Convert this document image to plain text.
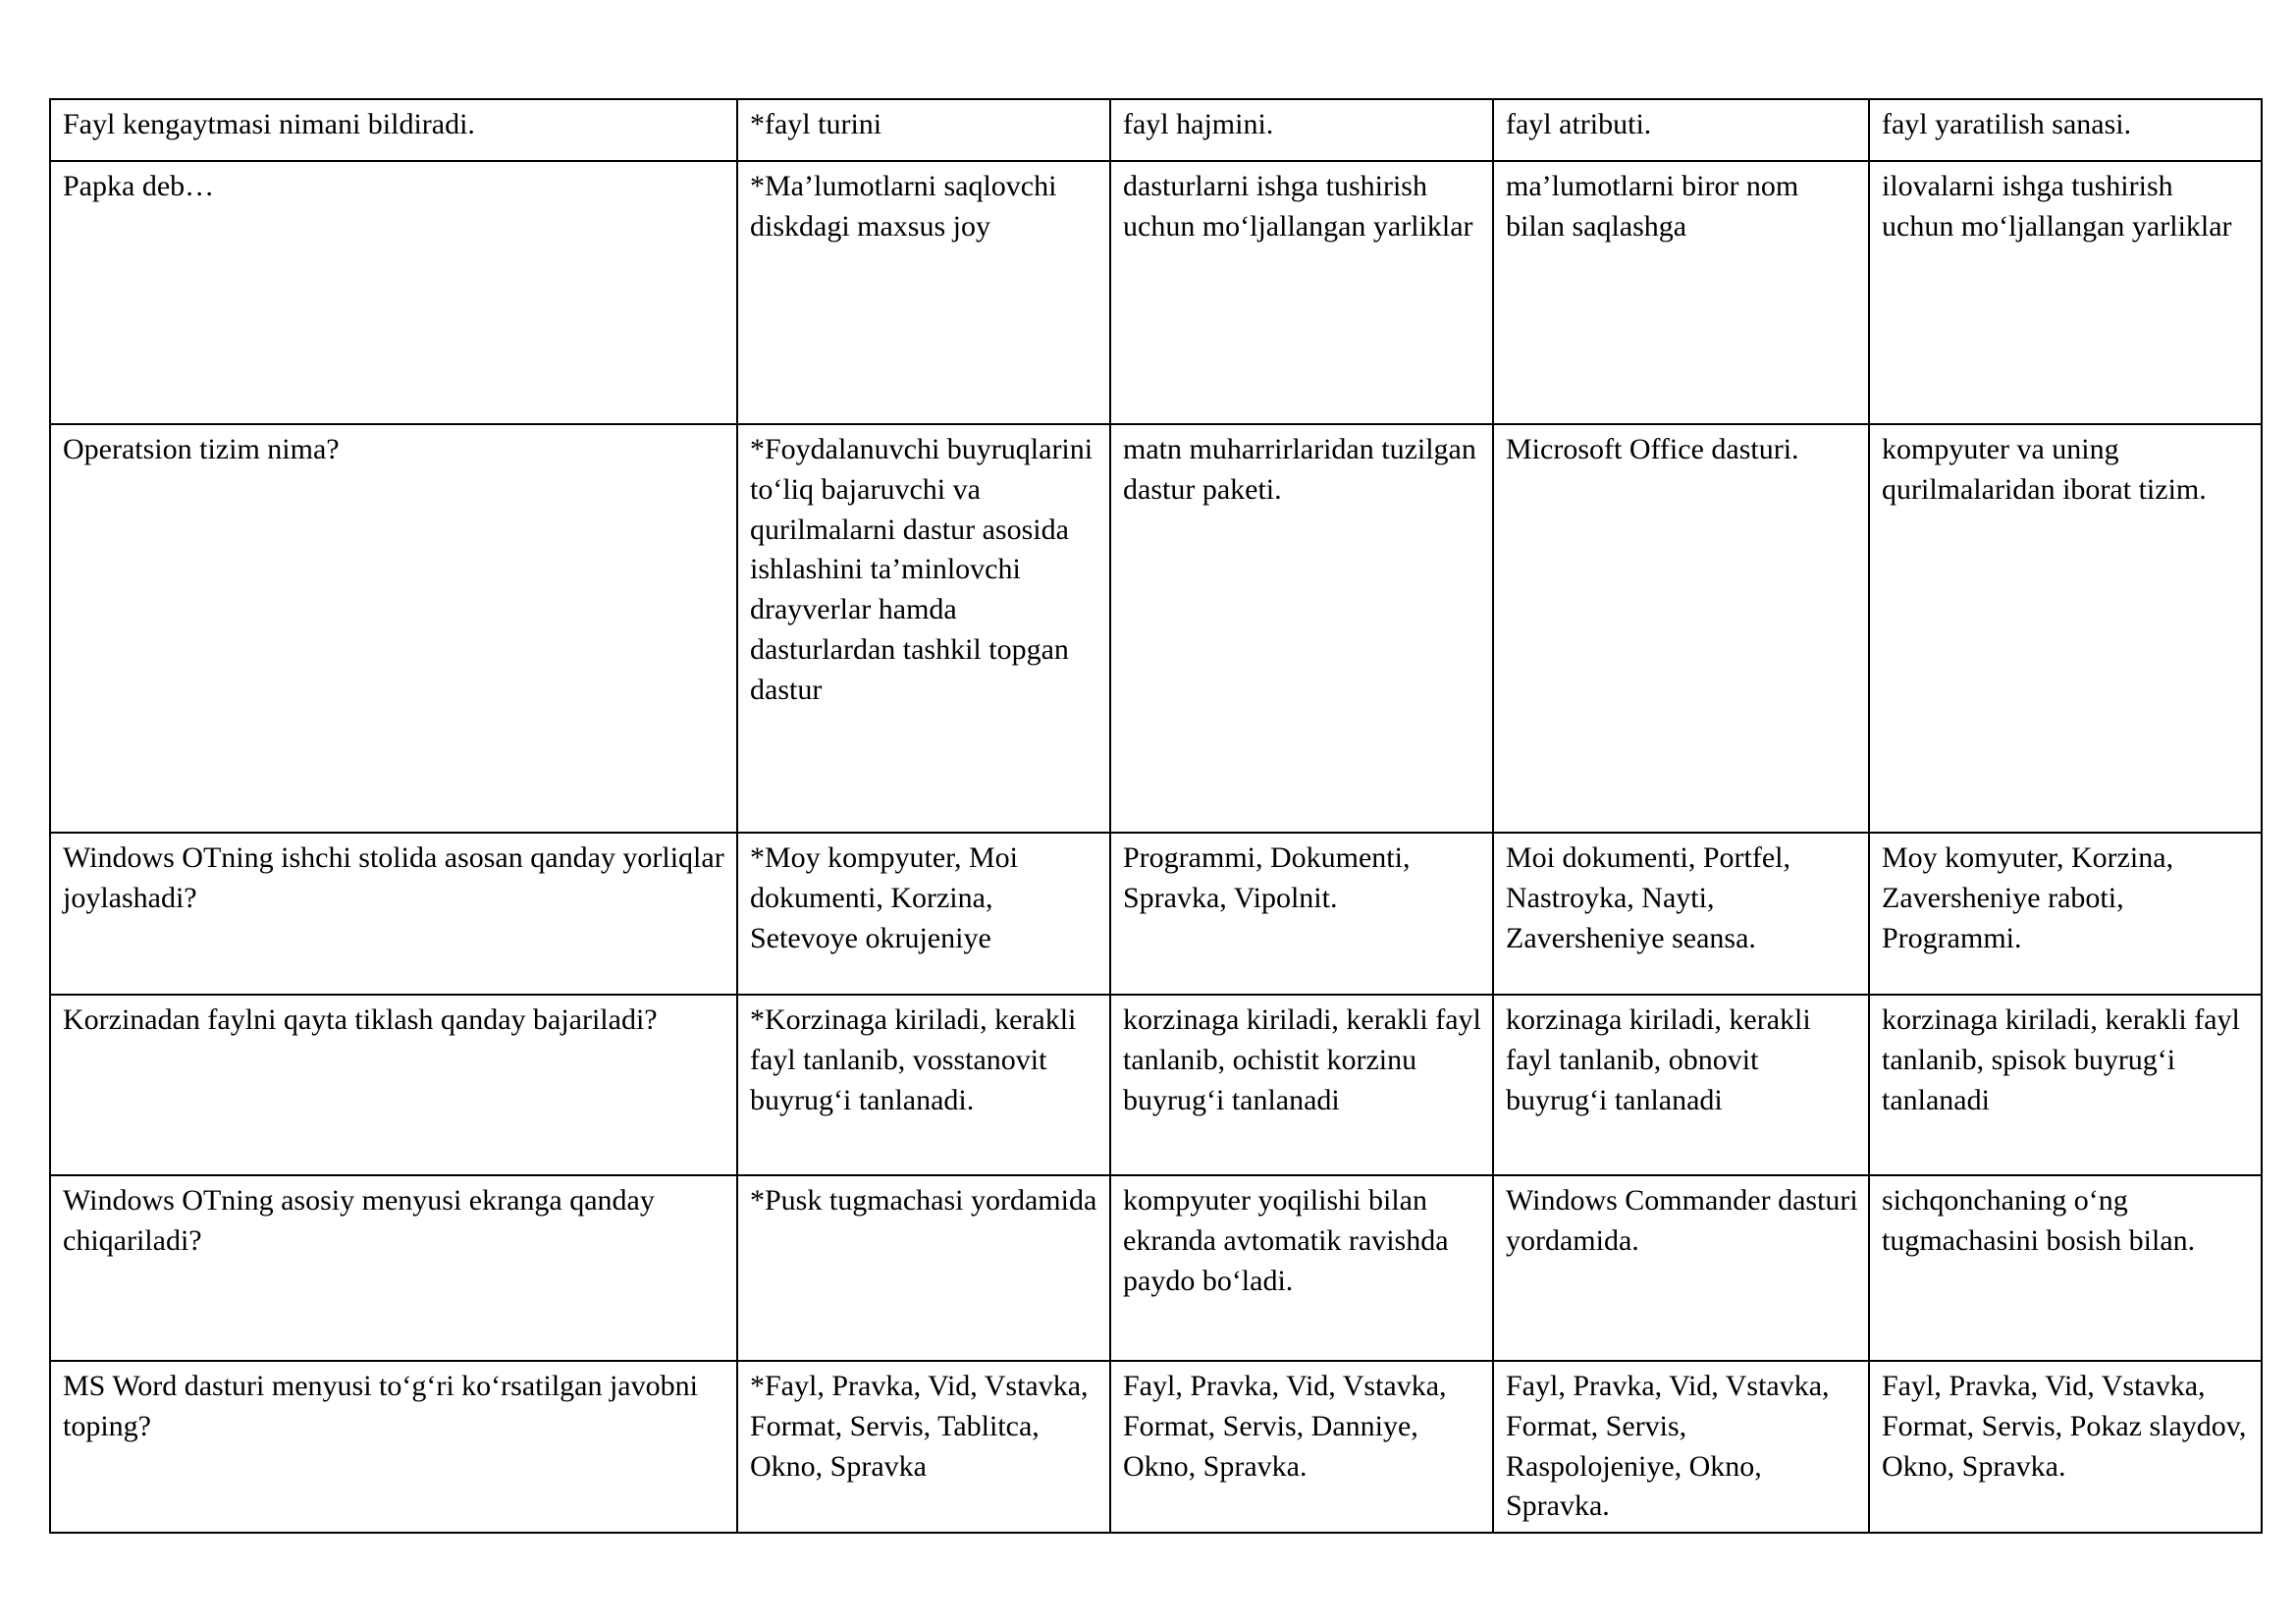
Fayl kengaytmasi nimani bildiradi.	*fayl turini	fayl hajmini.	fayl atributi.	fayl yaratilish sanasi.
Papka deb…	*Ma’lumotlarni saqlovchi diskdagi maxsus joy	dasturlarni ishga tushirish uchun mo‘ljallangan yarliklar	ma’lumotlarni biror nom bilan saqlashga	ilovalarni ishga tushirish uchun mo‘ljallangan yarliklar
Operatsion tizim nima?	*Foydalanuvchi buyruqlarini to‘liq bajaruvchi va qurilmalarni dastur asosida ishlashini ta’minlovchi drayverlar hamda dasturlardan tashkil topgan dastur	matn muharrirlaridan tuzilgan dastur paketi.	Microsoft Office dasturi.	kompyuter va uning qurilmalaridan iborat tizim.
Windows OTning ishchi stolida asosan qanday yorliqlar joylashadi?	*Moy kompyuter, Moi dokumenti, Korzina, Setevoye okrujeniye	Programmi, Dokumenti, Spravka, Vipolnit.	Moi dokumenti, Portfel, Nastroyka, Nayti, Zaversheniye seansa.	Moy komyuter, Korzina, Zaversheniye raboti, Programmi.
Korzinadan faylni qayta tiklash qanday bajariladi?	*Korzinaga kiriladi, kerakli fayl tanlanib, vosstanovit buyrug‘i tanlanadi.	korzinaga kiriladi, kerakli fayl tanlanib, ochistit korzinu buyrug‘i tanlanadi	korzinaga kiriladi, kerakli fayl tanlanib, obnovit buyrug‘i tanlanadi	korzinaga kiriladi, kerakli fayl tanlanib, spisok buyrug‘i tanlanadi
Windows OTning asosiy menyusi ekranga qanday chiqariladi?	*Pusk tugmachasi yordamida	kompyuter yoqilishi bilan ekranda avtomatik ravishda paydo bo‘ladi.	Windows Commander dasturi yordamida.	sichqonchaning o‘ng tugmachasini bosish bilan.
MS Word dasturi menyusi to‘g‘ri ko‘rsatilgan javobni toping?	*Fayl, Pravka, Vid, Vstavka, Format, Servis, Tablitca, Okno, Spravka	Fayl, Pravka, Vid, Vstavka, Format, Servis, Danniye, Okno, Spravka.	Fayl, Pravka, Vid, Vstavka, Format, Servis, Raspolojeniye, Okno, Spravka.	Fayl, Pravka, Vid, Vstavka, Format, Servis, Pokaz slaydov, Okno, Spravka.
